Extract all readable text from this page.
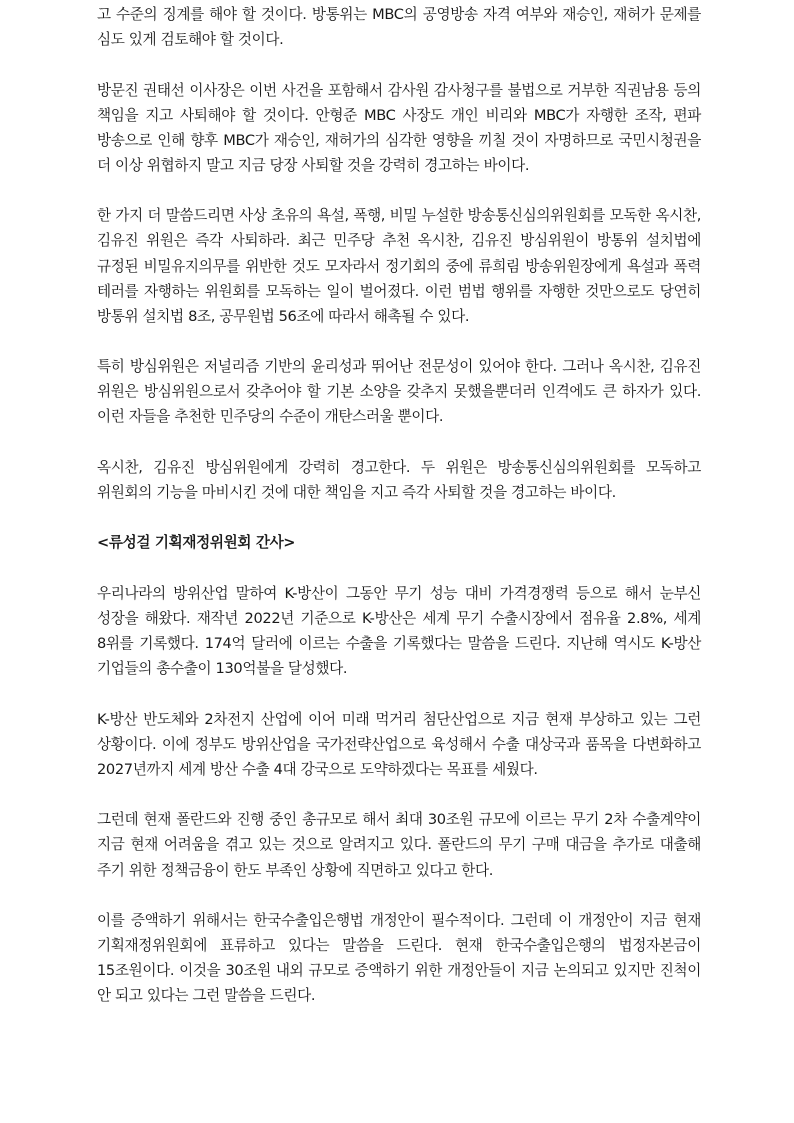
고 수준의 징계를 해야 할 것이다. 방통위는 MBC의 공영방송 자격 여부와 재승인, 재허가 문제를 심도 있게 검토해야 할 것이다.

방문진 권태선 이사장은 이번 사건을 포함해서 감사원 감사청구를 불법으로 거부한 직권남용 등의 책임을 지고 사퇴해야 할 것이다. 안형준 MBC 사장도 개인 비리와 MBC가 자행한 조작, 편파 방송으로 인해 향후 MBC가 재승인, 재허가의 심각한 영향을 끼칠 것이 자명하므로 국민시청권을 더 이상 위협하지 말고 지금 당장 사퇴할 것을 강력히 경고하는 바이다.

한 가지 더 말씀드리면 사상 초유의 욕설, 폭행, 비밀 누설한 방송통신심의위원회를 모독한 옥시찬, 김유진 위원은 즉각 사퇴하라. 최근 민주당 추천 옥시찬, 김유진 방심위원이 방통위 설치법에 규정된 비밀유지의무를 위반한 것도 모자라서 정기회의 중에 류희림 방송위원장에게 욕설과 폭력 테러를 자행하는 위원회를 모독하는 일이 벌어졌다. 이런 범법 행위를 자행한 것만으로도 당연히 방통위 설치법 8조, 공무원법 56조에 따라서 해촉될 수 있다.

특히 방심위원은 저널리즘 기반의 윤리성과 뛰어난 전문성이 있어야 한다. 그러나 옥시찬, 김유진 위원은 방심위원으로서 갖추어야 할 기본 소양을 갖추지 못했을뿐더러 인격에도 큰 하자가 있다. 이런 자들을 추천한 민주당의 수준이 개탄스러울 뿐이다.

옥시찬, 김유진 방심위원에게 강력히 경고한다. 두 위원은 방송통신심의위원회를 모독하고 위원회의 기능을 마비시킨 것에 대한 책임을 지고 즉각 사퇴할 것을 경고하는 바이다.

<류성걸 기획재정위원회 간사>

우리나라의 방위산업 말하여 K-방산이 그동안 무기 성능 대비 가격경쟁력 등으로 해서 눈부신 성장을 해왔다. 재작년 2022년 기준으로 K-방산은 세계 무기 수출시장에서 점유율 2.8%, 세계 8위를 기록했다. 174억 달러에 이르는 수출을 기록했다는 말씀을 드린다. 지난해 역시도 K-방산 기업들의 총수출이 130억불을 달성했다.

K-방산 반도체와 2차전지 산업에 이어 미래 먹거리 첨단산업으로 지금 현재 부상하고 있는 그런 상황이다. 이에 정부도 방위산업을 국가전략산업으로 육성해서 수출 대상국과 품목을 다변화하고 2027년까지 세계 방산 수출 4대 강국으로 도약하겠다는 목표를 세웠다.

그런데 현재 폴란드와 진행 중인 총규모로 해서 최대 30조원 규모에 이르는 무기 2차 수출계약이 지금 현재 어려움을 겪고 있는 것으로 알려지고 있다. 폴란드의 무기 구매 대금을 추가로 대출해 주기 위한 정책금융이 한도 부족인 상황에 직면하고 있다고 한다.

이를 증액하기 위해서는 한국수출입은행법 개정안이 필수적이다. 그런데 이 개정안이 지금 현재 기획재정위원회에 표류하고 있다는 말씀을 드린다. 현재 한국수출입은행의 법정자본금이 15조원이다. 이것을 30조원 내외 규모로 증액하기 위한 개정안들이 지금 논의되고 있지만 진척이 안 되고 있다는 그런 말씀을 드린다.
